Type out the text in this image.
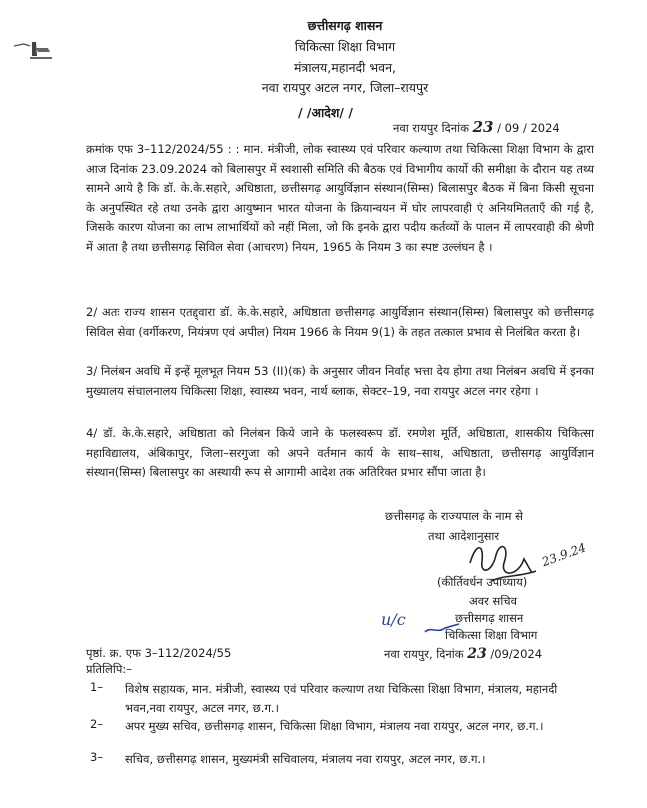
छत्तीसगढ़ शासन
चिकित्सा शिक्षा विभाग
मंत्रालय,महानदी भवन,
नवा रायपुर अटल नगर, जिला–रायपुर
/ /आदेश/ /
नवा रायपुर दिनांक 23 / 09 / 2024
क्रमांक एफ 3–112/2024/55 : : मान. मंत्रीजी, लोक स्वास्थ्य एवं परिवार कल्याण तथा चिकित्सा शिक्षा विभाग के द्वारा आज दिनांक 23.09.2024 को बिलासपुर में स्वशासी समिति की बैठक एवं विभागीय कार्यो की समीक्षा के दौरान यह तथ्य सामने आये है कि डॉ. के.के.सहारे, अधिष्ठाता, छत्तीसगढ़ आयुर्विज्ञान संस्थान(सिम्स) बिलासपुर बैठक में बिना किसी सूचना के अनुपस्थित रहे तथा उनके द्वारा आयुष्मान भारत योजना के क्रियान्वयन में घोर लापरवाही एं अनियमितताएँ की गई है, जिसके कारण योजना का लाभ लाभार्थियों को नहीं मिला, जो कि इनके द्वारा पदीय कर्तव्यों के पालन में लापरवाही की श्रेणी में आता है तथा छत्तीसगढ़ सिविल सेवा (आचरण) नियम, 1965 के नियम 3 का स्पष्ट उल्लंघन है ।
2/ अतः राज्य शासन एतद्द्वारा डॉ. के.के.सहारे, अधिष्ठाता छत्तीसगढ़ आयुर्विज्ञान संस्थान(सिम्स) बिलासपुर को छत्तीसगढ़ सिविल सेवा (वर्गीकरण, नियंत्रण एवं अपील) नियम 1966 के नियम 9(1) के तहत तत्काल प्रभाव से निलंबित करता है।
3/ निलंबन अवधि में इन्हें मूलभूत नियम 53 (II)(क) के अनुसार जीवन निर्वाह भत्ता देय होगा तथा निलंबन अवधि में इनका मुख्यालय संचालनालय चिकित्सा शिक्षा, स्वास्थ्य भवन, नार्थ ब्लाक, सेक्टर–19, नवा रायपुर अटल नगर रहेगा ।
4/ डॉ. के.के.सहारे, अधिष्ठाता को निलंबन किये जाने के फलस्वरूप डॉ. रमणेश मूर्ति, अधिष्ठाता, शासकीय चिकित्सा महाविद्यालय, अंबिकापुर, जिला–सरगुजा को अपने वर्तमान कार्य के साथ–साथ, अधिष्ठाता, छत्तीसगढ़ आयुर्विज्ञान संस्थान(सिम्स) बिलासपुर का अस्थायी रूप से आगामी आदेश तक अतिरिक्त प्रभार सौंपा जाता है।
छत्तीसगढ़ के राज्यपाल के नाम से
तथा आदेशानुसार
23.9.24
(कीर्तिवर्धन उपाध्याय)
अवर सचिव
छत्तीसगढ़ शासन
चिकित्सा शिक्षा विभाग
u/c
पृष्ठां. क्र. एफ 3–112/2024/55	नवा रायपुर, दिनांक 23 /09/2024
प्रतिलिपि:–
1– विशेष सहायक, मान. मंत्रीजी, स्वास्थ्य एवं परिवार कल्याण तथा चिकित्सा शिक्षा विभाग, मंत्रालय, महानदी भवन,नवा रायपुर, अटल नगर, छ.ग.।
2– अपर मुख्य सचिव, छत्तीसगढ़ शासन, चिकित्सा शिक्षा विभाग, मंत्रालय नवा रायपुर, अटल नगर, छ.ग.।
3– सचिव, छत्तीसगढ़ शासन, मुख्यमंत्री सचिवालय, मंत्रालय नवा रायपुर, अटल नगर, छ.ग.।
